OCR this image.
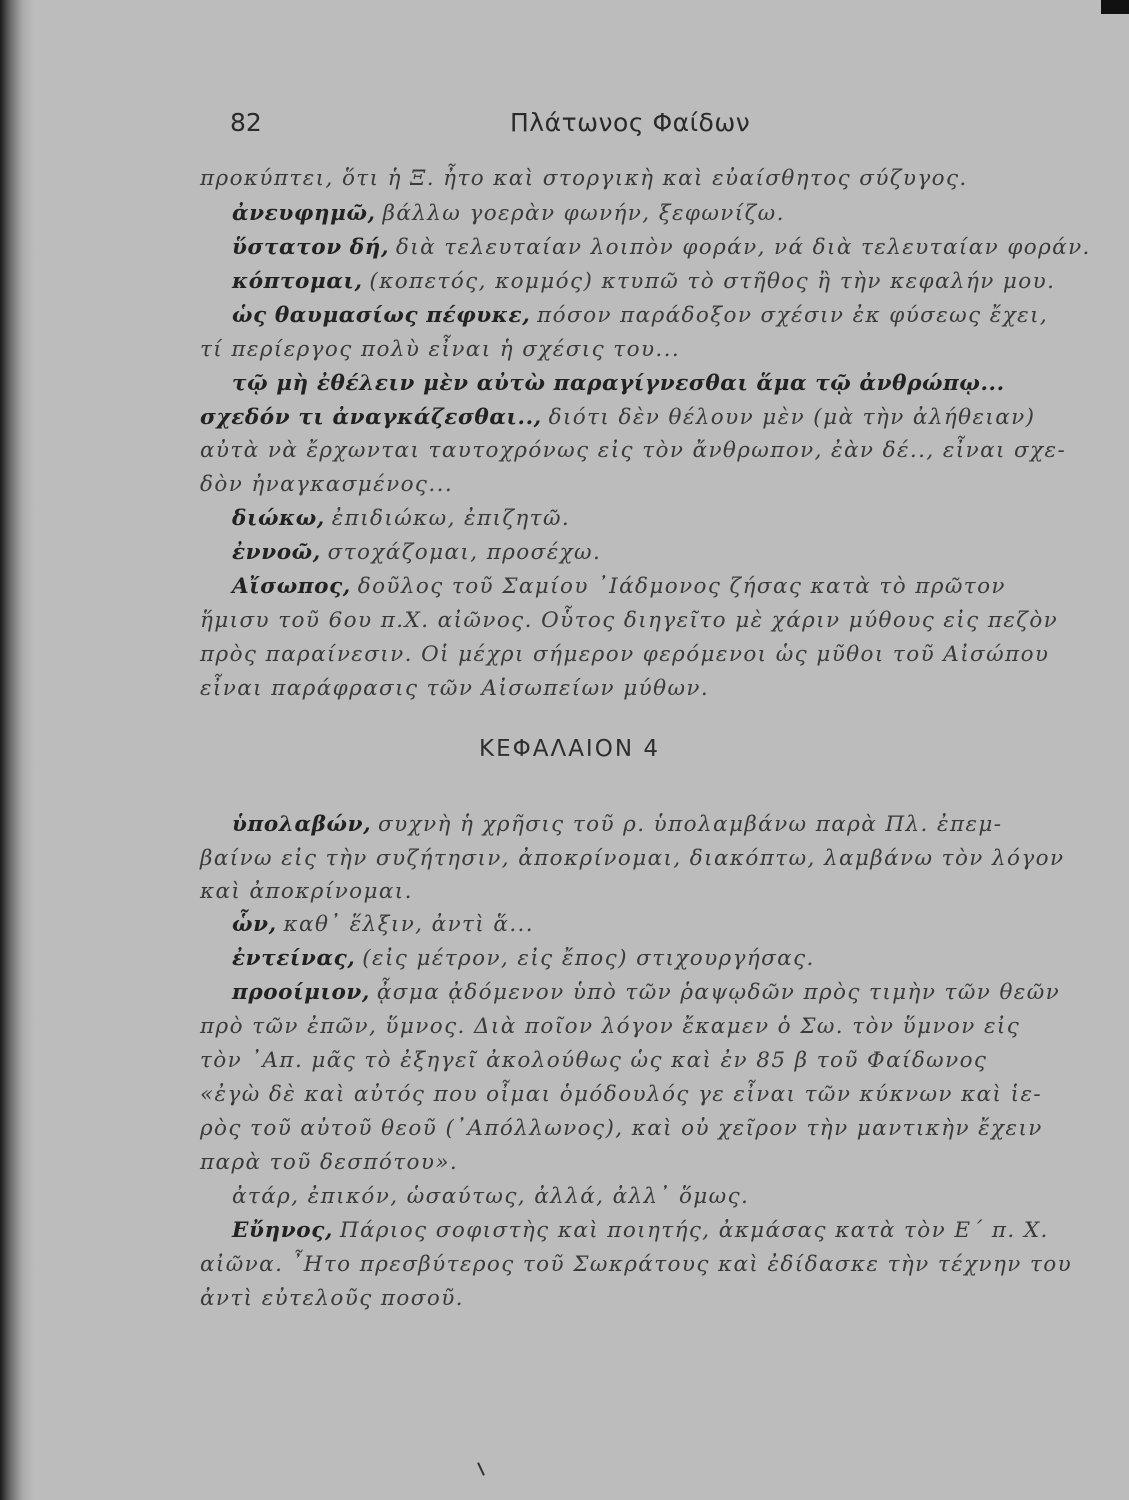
82	Πλάτωνος Φαίδων
προκύπτει, ὅτι ἡ Ξ. ἦτο καὶ στοργικὴ καὶ εὐαίσθητος σύζυγος.
ἀνευφημῶ, βάλλω γοερὰν φωνήν, ξεφωνίζω.
ὕστατον δή, διὰ τελευταίαν λοιπὸν φοράν, νά διὰ τελευταίαν φοράν.
κόπτομαι, (κοπετός, κομμός) κτυπῶ τὸ στῆθος ἢ τὴν κεφαλήν μου.
ὡς θαυμασίως πέφυκε, πόσον παράδοξον σχέσιν ἐκ φύσεως ἔχει,
τί περίεργος πολὺ εἶναι ἡ σχέσις του...
τῷ μὴ ἐθέλειν μὲν αὐτὼ παραγίγνεσθαι ἅμα τῷ ἀνθρώπῳ...
σχεδόν τι ἀναγκάζεσθαι.., διότι δὲν θέλουν μὲν (μὰ τὴν ἀλήθειαν)
αὐτὰ νὰ ἔρχωνται ταυτοχρόνως εἰς τὸν ἄνθρωπον, ἐὰν δέ.., εἶναι σχε-
δὸν ἠναγκασμένος...
διώκω, ἐπιδιώκω, ἐπιζητῶ.
ἐννοῶ, στοχάζομαι, προσέχω.
Αἴσωπος, δοῦλος τοῦ Σαμίου ᾿Ιάδμονος ζήσας κατὰ τὸ πρῶτον
ἥμισυ τοῦ 6ου π.Χ. αἰῶνος. Οὗτος διηγεῖτο μὲ χάριν μύθους εἰς πεζὸν
πρὸς παραίνεσιν. Οἱ μέχρι σήμερον φερόμενοι ὡς μῦθοι τοῦ Αἰσώπου
εἶναι παράφρασις τῶν Αἰσωπείων μύθων.
ΚΕΦΑΛΑΙΟΝ 4
ὑπολαβών, συχνὴ ἡ χρῆσις τοῦ ρ. ὑπολαμβάνω παρὰ Πλ. ἐπεμ-
βαίνω εἰς τὴν συζήτησιν, ἀποκρίνομαι, διακόπτω, λαμβάνω τὸν λόγον
καὶ ἀποκρίνομαι.
ὧν, καθ᾿ ἕλξιν, ἀντὶ ἅ...
ἐντείνας, (εἰς μέτρον, εἰς ἔπος) στιχουργήσας.
προοίμιον, ᾆσμα ᾀδόμενον ὑπὸ τῶν ῥαψῳδῶν πρὸς τιμὴν τῶν θεῶν
πρὸ τῶν ἐπῶν, ὕμνος. Διὰ ποῖον λόγον ἔκαμεν ὁ Σω. τὸν ὕμνον εἰς
τὸν ᾿Απ. μᾶς τὸ ἐξηγεῖ ἀκολούθως ὡς καὶ ἐν 85 β τοῦ Φαίδωνος
«ἐγὼ δὲ καὶ αὐτός που οἶμαι ὁμόδουλός γε εἶναι τῶν κύκνων καὶ ἱε-
ρὸς τοῦ αὐτοῦ θεοῦ (᾿Απόλλωνος), καὶ οὐ χεῖρον τὴν μαντικὴν ἔχειν
παρὰ τοῦ δεσπότου».
ἀτάρ, ἐπικόν, ὡσαύτως, ἀλλά, ἀλλ᾿ ὅμως.
Εὔηνος, Πάριος σοφιστὴς καὶ ποιητής, ἀκμάσας κατὰ τὸν Ε΄ π. Χ.
αἰῶνα. ῏Ητο πρεσβύτερος τοῦ Σωκράτους καὶ ἐδίδασκε τὴν τέχνην του
ἀντὶ εὐτελοῦς ποσοῦ.
